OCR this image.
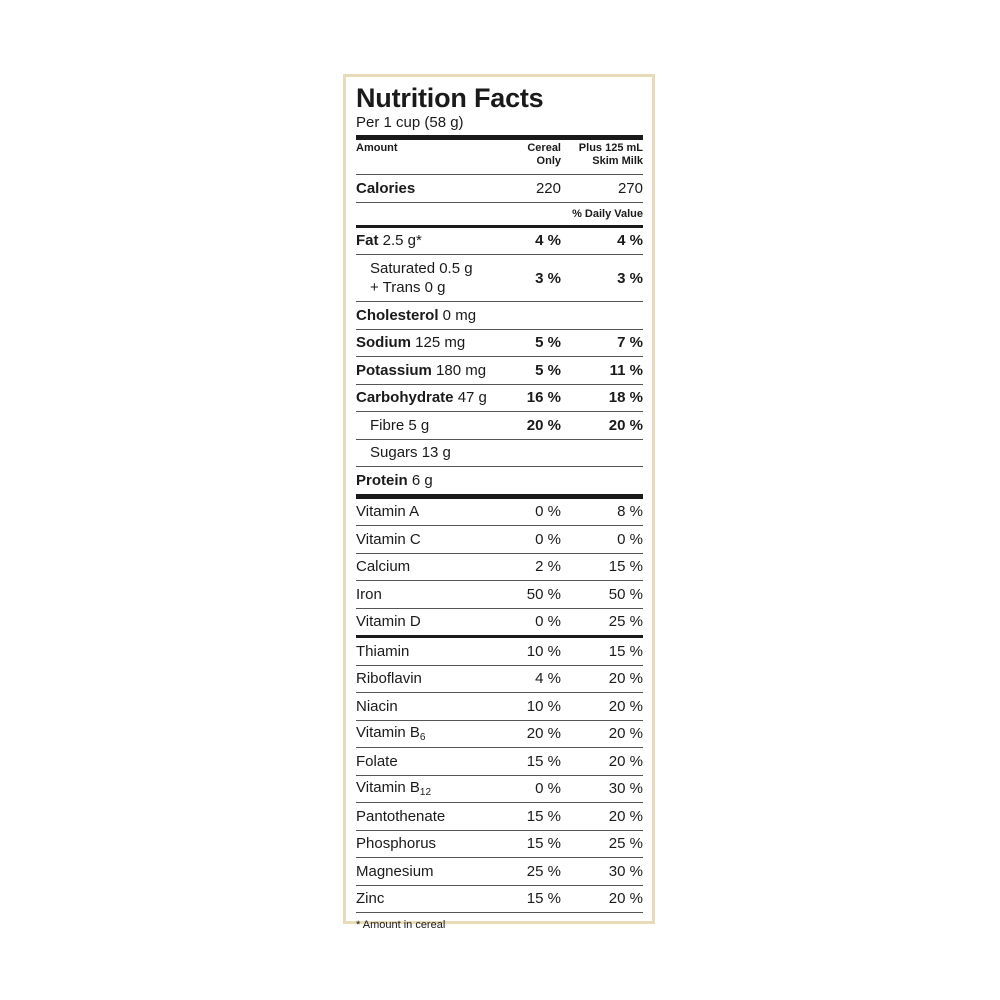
Nutrition Facts
Per 1 cup (58 g)
Amount	Cereal
Only
Plus 125 mL
Skim Milk
Calories	220	270
% Daily Value
Fat 2.5 g*	4 %	4 %
Saturated 0.5 g
+ Trans 0 g
3 %	3 %
Cholesterol 0 mg
Sodium 125 mg	5 %	7 %
Potassium 180 mg	5 %	11 %
Carbohydrate 47 g	16 %	18 %
Fibre 5 g	20 %	20 %
Sugars 13 g
Protein 6 g
Vitamin A	0 %	8 %
Vitamin C	0 %	0 %
Calcium	2 %	15 %
Iron	50 %	50 %
Vitamin D	0 %	25 %
Thiamin	10 %	15 %
Riboflavin	4 %	20 %
Niacin	10 %	20 %
Vitamin $B_6$	20 %	20 %
Folate	15 %	20 %
Vitamin $B_{12}$	0 %	30 %
Pantothenate	15 %	20 %
Phosphorus	15 %	25 %
Magnesium	25 %	30 %
Zinc	15 %	20 %
* Amount in cereal
